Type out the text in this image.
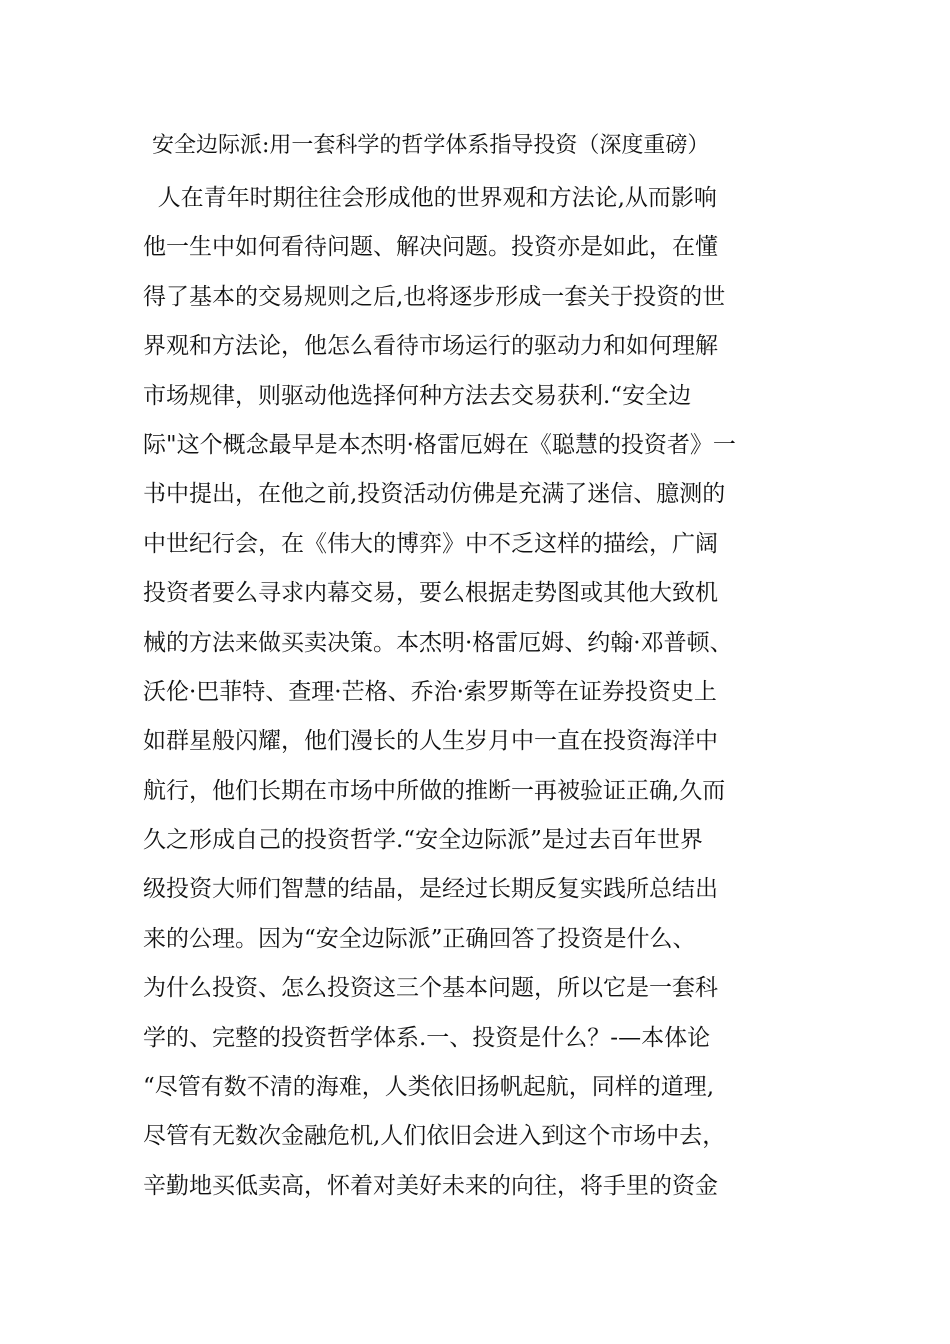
安全边际派:用一套科学的哲学体系指导投资（深度重磅）
人在青年时期往往会形成他的世界观和方法论,从而影响
他一生中如何看待问题、解决问题。投资亦是如此，在懂
得了基本的交易规则之后,也将逐步形成一套关于投资的世
界观和方法论，他怎么看待市场运行的驱动力和如何理解
市场规律，则驱动他选择何种方法去交易获利.“安全边
际"这个概念最早是本杰明·格雷厄姆在《聪慧的投资者》一
书中提出，在他之前,投资活动仿佛是充满了迷信、臆测的
中世纪行会，在《伟大的博弈》中不乏这样的描绘，广阔
投资者要么寻求内幕交易，要么根据走势图或其他大致机
械的方法来做买卖决策。本杰明·格雷厄姆、约翰·邓普顿、
沃伦·巴菲特、查理·芒格、乔治·索罗斯等在证券投资史上
如群星般闪耀，他们漫长的人生岁月中一直在投资海洋中
航行，他们长期在市场中所做的推断一再被验证正确,久而
久之形成自己的投资哲学.“安全边际派”是过去百年世界
级投资大师们智慧的结晶，是经过长期反复实践所总结出
来的公理。因为“安全边际派”正确回答了投资是什么、
为什么投资、怎么投资这三个基本问题，所以它是一套科
学的、完整的投资哲学体系.一、投资是什么？-—本体论
“尽管有数不清的海难，人类依旧扬帆起航，同样的道理,
尽管有无数次金融危机,人们依旧会进入到这个市场中去，
辛勤地买低卖高，怀着对美好未来的向往，将手里的资金
